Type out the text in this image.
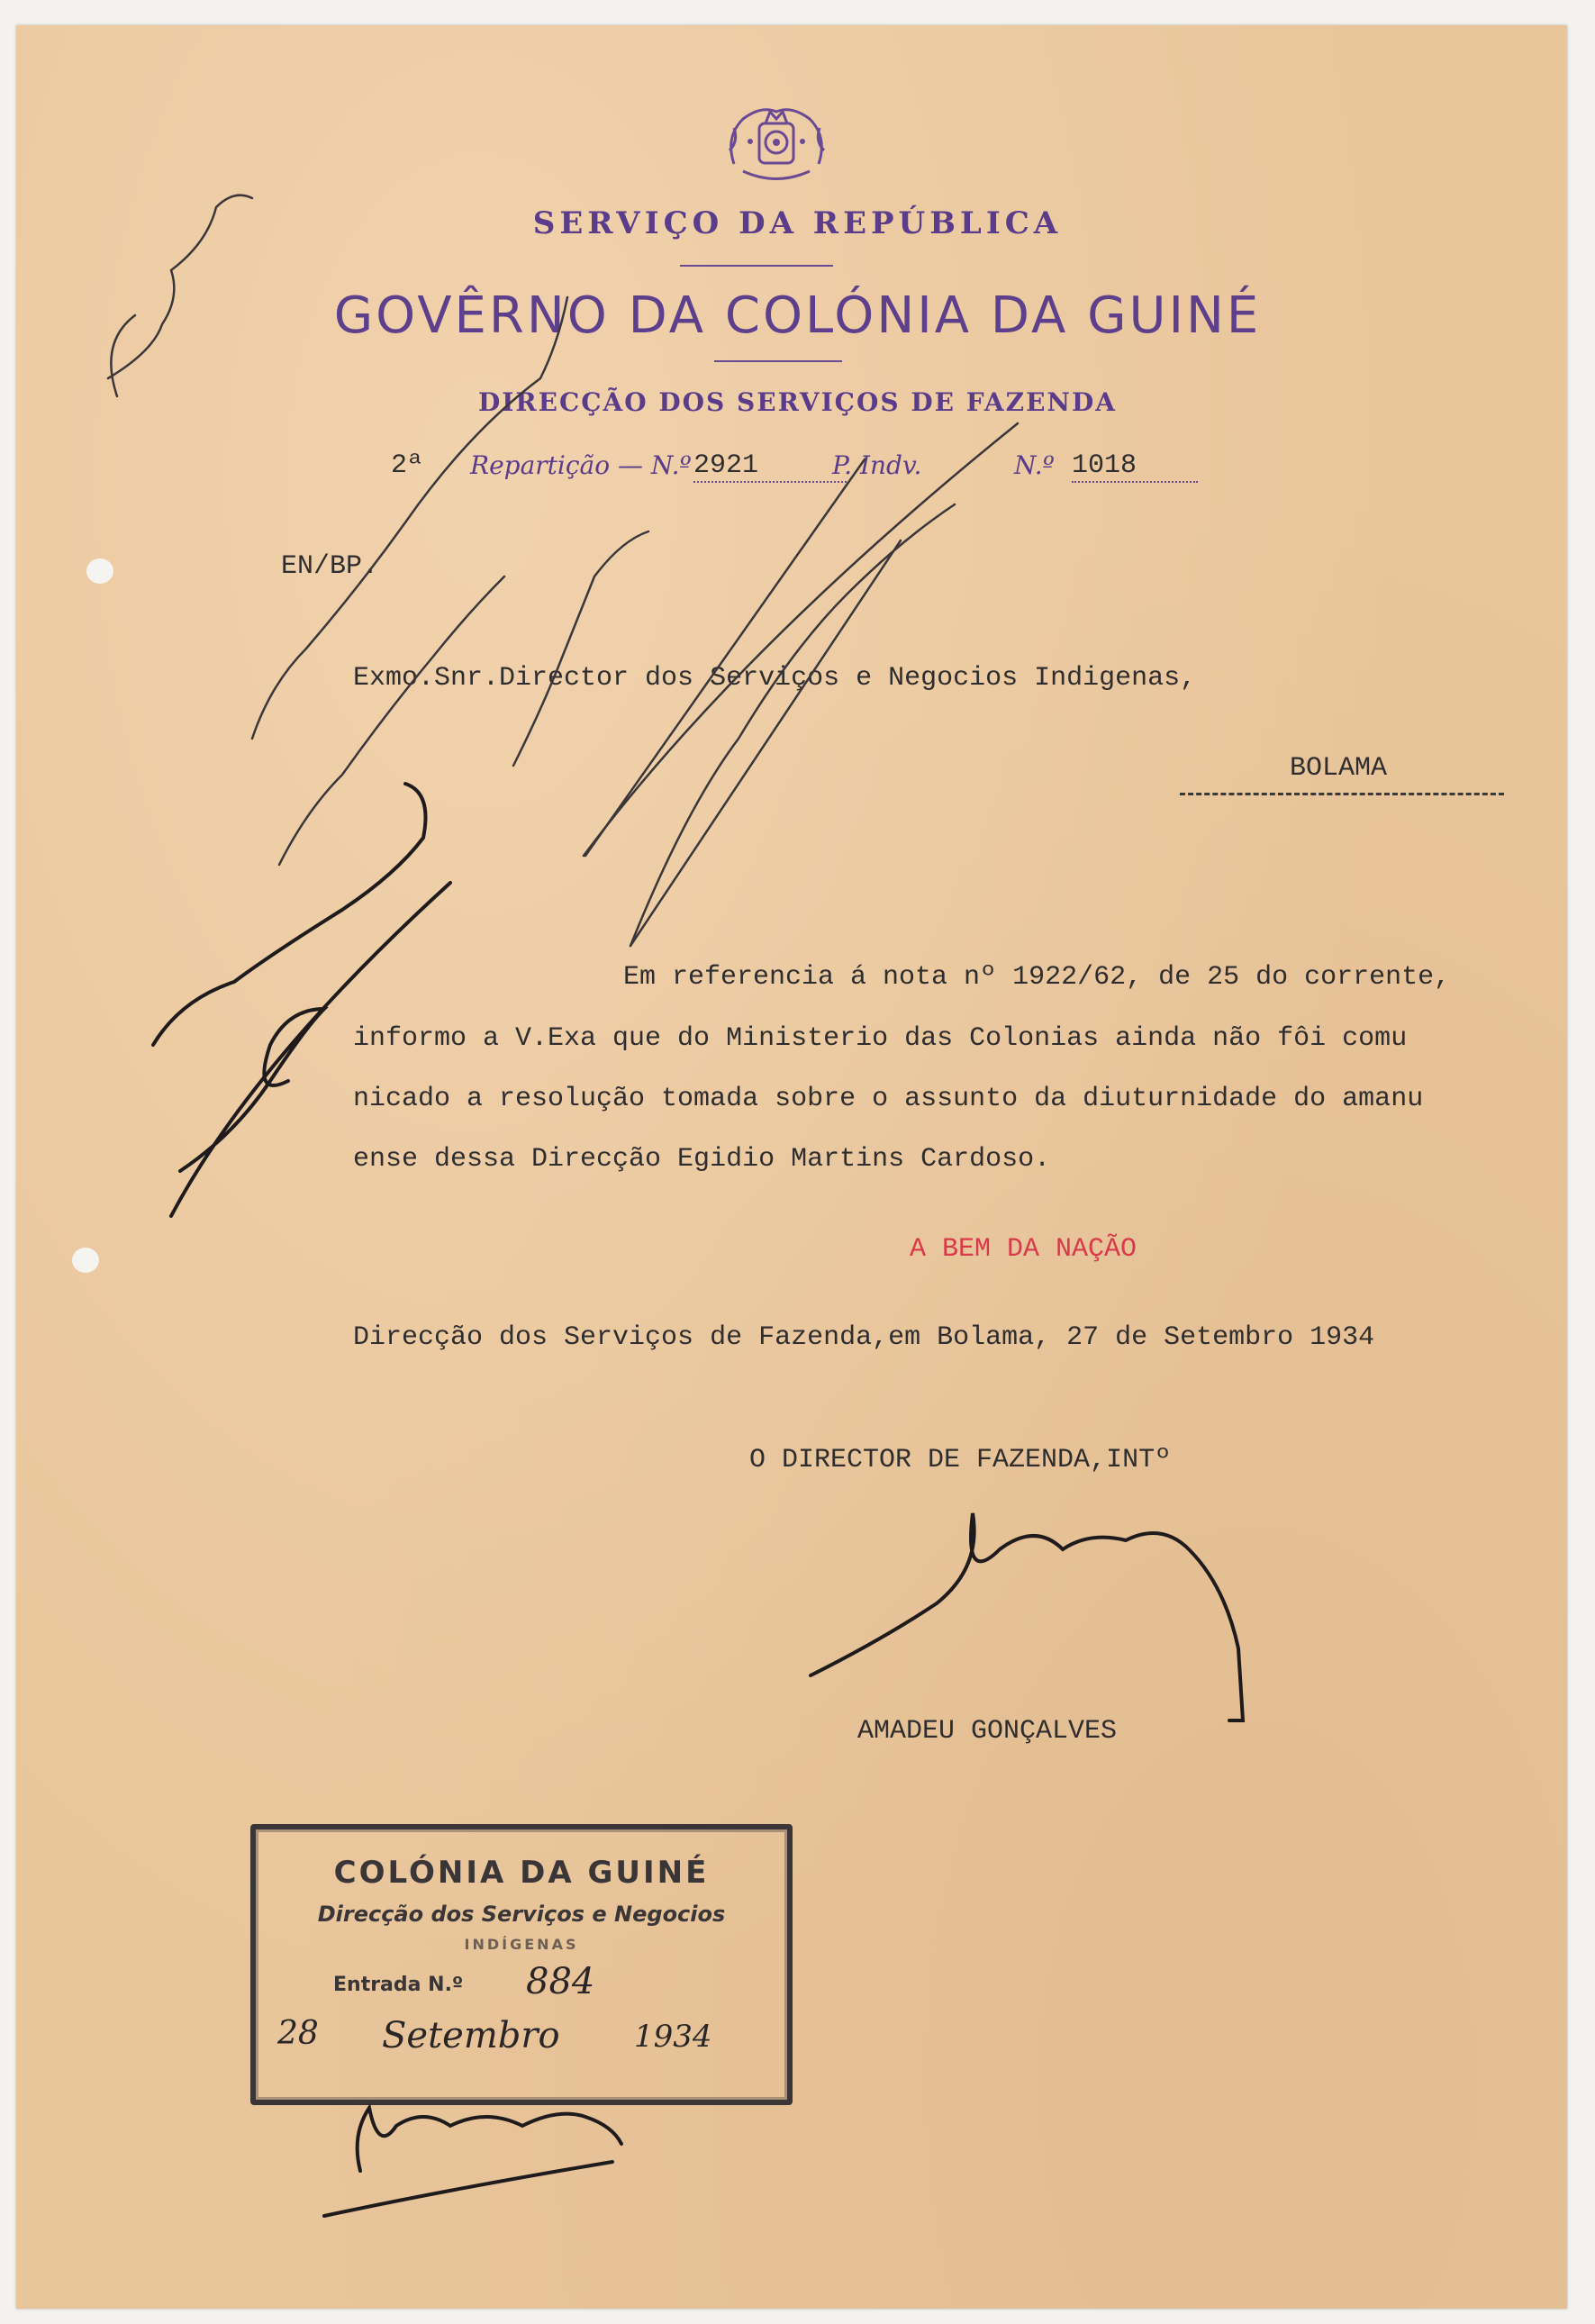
SERVIÇO DA REPÚBLICA
GOVÊRNO DA COLÓNIA DA GUINÉ
DIRECÇÃO DOS SERVIÇOS DE FAZENDA
2ª Repartição — N.º 2921	P. Indv.	N.º 1018
EN/BP.
Exmo.Snr.Director dos Serviços e Negocios Indigenas,
BOLAMA
Em referencia á nota nº 1922/62, de 25 do corrente,
informo a V.Exa que do Ministerio das Colonias ainda não fôi comu
nicado a resolução tomada sobre o assunto da diuturnidade do amanu
ense dessa Direcção Egidio Martins Cardoso.
A BEM DA NAÇÃO
Direcção dos Serviços de Fazenda,em Bolama, 27 de Setembro 1934
O DIRECTOR DE FAZENDA,INTº
AMADEU GONÇALVES
COLÓNIA DA GUINÉ
Direcção dos Serviços e Negocios
INDÍGENAS
Entrada N.º 884
28	Setembro	1934
